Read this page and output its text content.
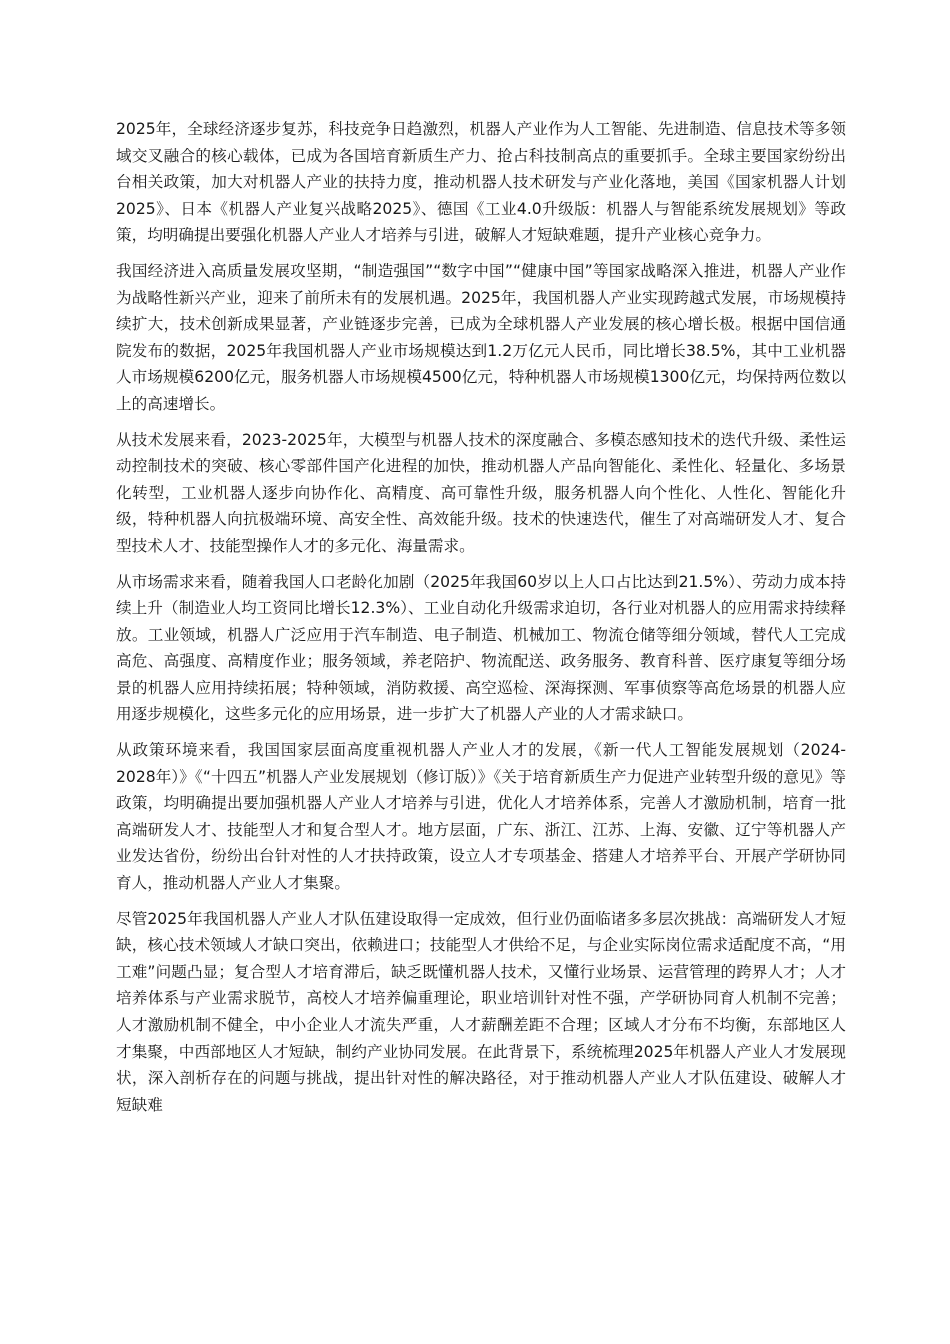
2025年，全球经济逐步复苏，科技竞争日趋激烈，机器人产业作为人工智能、先进制造、信息技术等多领域交叉融合的核心载体，已成为各国培育新质生产力、抢占科技制高点的重要抓手。全球主要国家纷纷出台相关政策，加大对机器人产业的扶持力度，推动机器人技术研发与产业化落地，美国《国家机器人计划2025》、日本《机器人产业复兴战略2025》、德国《工业4.0升级版：机器人与智能系统发展规划》等政策，均明确提出要强化机器人产业人才培养与引进，破解人才短缺难题，提升产业核心竞争力。

我国经济进入高质量发展攻坚期，“制造强国”“数字中国”“健康中国”等国家战略深入推进，机器人产业作为战略性新兴产业，迎来了前所未有的发展机遇。2025年，我国机器人产业实现跨越式发展，市场规模持续扩大，技术创新成果显著，产业链逐步完善，已成为全球机器人产业发展的核心增长极。根据中国信通院发布的数据，2025年我国机器人产业市场规模达到1.2万亿元人民币，同比增长38.5%，其中工业机器人市场规模6200亿元，服务机器人市场规模4500亿元，特种机器人市场规模1300亿元，均保持两位数以上的高速增长。

从技术发展来看，2023-2025年，大模型与机器人技术的深度融合、多模态感知技术的迭代升级、柔性运动控制技术的突破、核心零部件国产化进程的加快，推动机器人产品向智能化、柔性化、轻量化、多场景化转型，工业机器人逐步向协作化、高精度、高可靠性升级，服务机器人向个性化、人性化、智能化升级，特种机器人向抗极端环境、高安全性、高效能升级。技术的快速迭代，催生了对高端研发人才、复合型技术人才、技能型操作人才的多元化、海量需求。

从市场需求来看，随着我国人口老龄化加剧（2025年我国60岁以上人口占比达到21.5%）、劳动力成本持续上升（制造业人均工资同比增长12.3%）、工业自动化升级需求迫切，各行业对机器人的应用需求持续释放。工业领域，机器人广泛应用于汽车制造、电子制造、机械加工、物流仓储等细分领域，替代人工完成高危、高强度、高精度作业；服务领域，养老陪护、物流配送、政务服务、教育科普、医疗康复等细分场景的机器人应用持续拓展；特种领域，消防救援、高空巡检、深海探测、军事侦察等高危场景的机器人应用逐步规模化，这些多元化的应用场景，进一步扩大了机器人产业的人才需求缺口。

从政策环境来看，我国国家层面高度重视机器人产业人才的发展，《新一代人工智能发展规划（2024-2028年）》《“十四五”机器人产业发展规划（修订版）》《关于培育新质生产力促进产业转型升级的意见》等政策，均明确提出要加强机器人产业人才培养与引进，优化人才培养体系，完善人才激励机制，培育一批高端研发人才、技能型人才和复合型人才。地方层面，广东、浙江、江苏、上海、安徽、辽宁等机器人产业发达省份，纷纷出台针对性的人才扶持政策，设立人才专项基金、搭建人才培养平台、开展产学研协同育人，推动机器人产业人才集聚。

尽管2025年我国机器人产业人才队伍建设取得一定成效，但行业仍面临诸多多层次挑战：高端研发人才短缺，核心技术领域人才缺口突出，依赖进口；技能型人才供给不足，与企业实际岗位需求适配度不高，“用工难”问题凸显；复合型人才培育滞后，缺乏既懂机器人技术，又懂行业场景、运营管理的跨界人才；人才培养体系与产业需求脱节，高校人才培养偏重理论，职业培训针对性不强，产学研协同育人机制不完善；人才激励机制不健全，中小企业人才流失严重，人才薪酬差距不合理；区域人才分布不均衡，东部地区人才集聚，中西部地区人才短缺，制约产业协同发展。在此背景下，系统梳理2025年机器人产业人才发展现状，深入剖析存在的问题与挑战，提出针对性的解决路径，对于推动机器人产业人才队伍建设、破解人才短缺难
